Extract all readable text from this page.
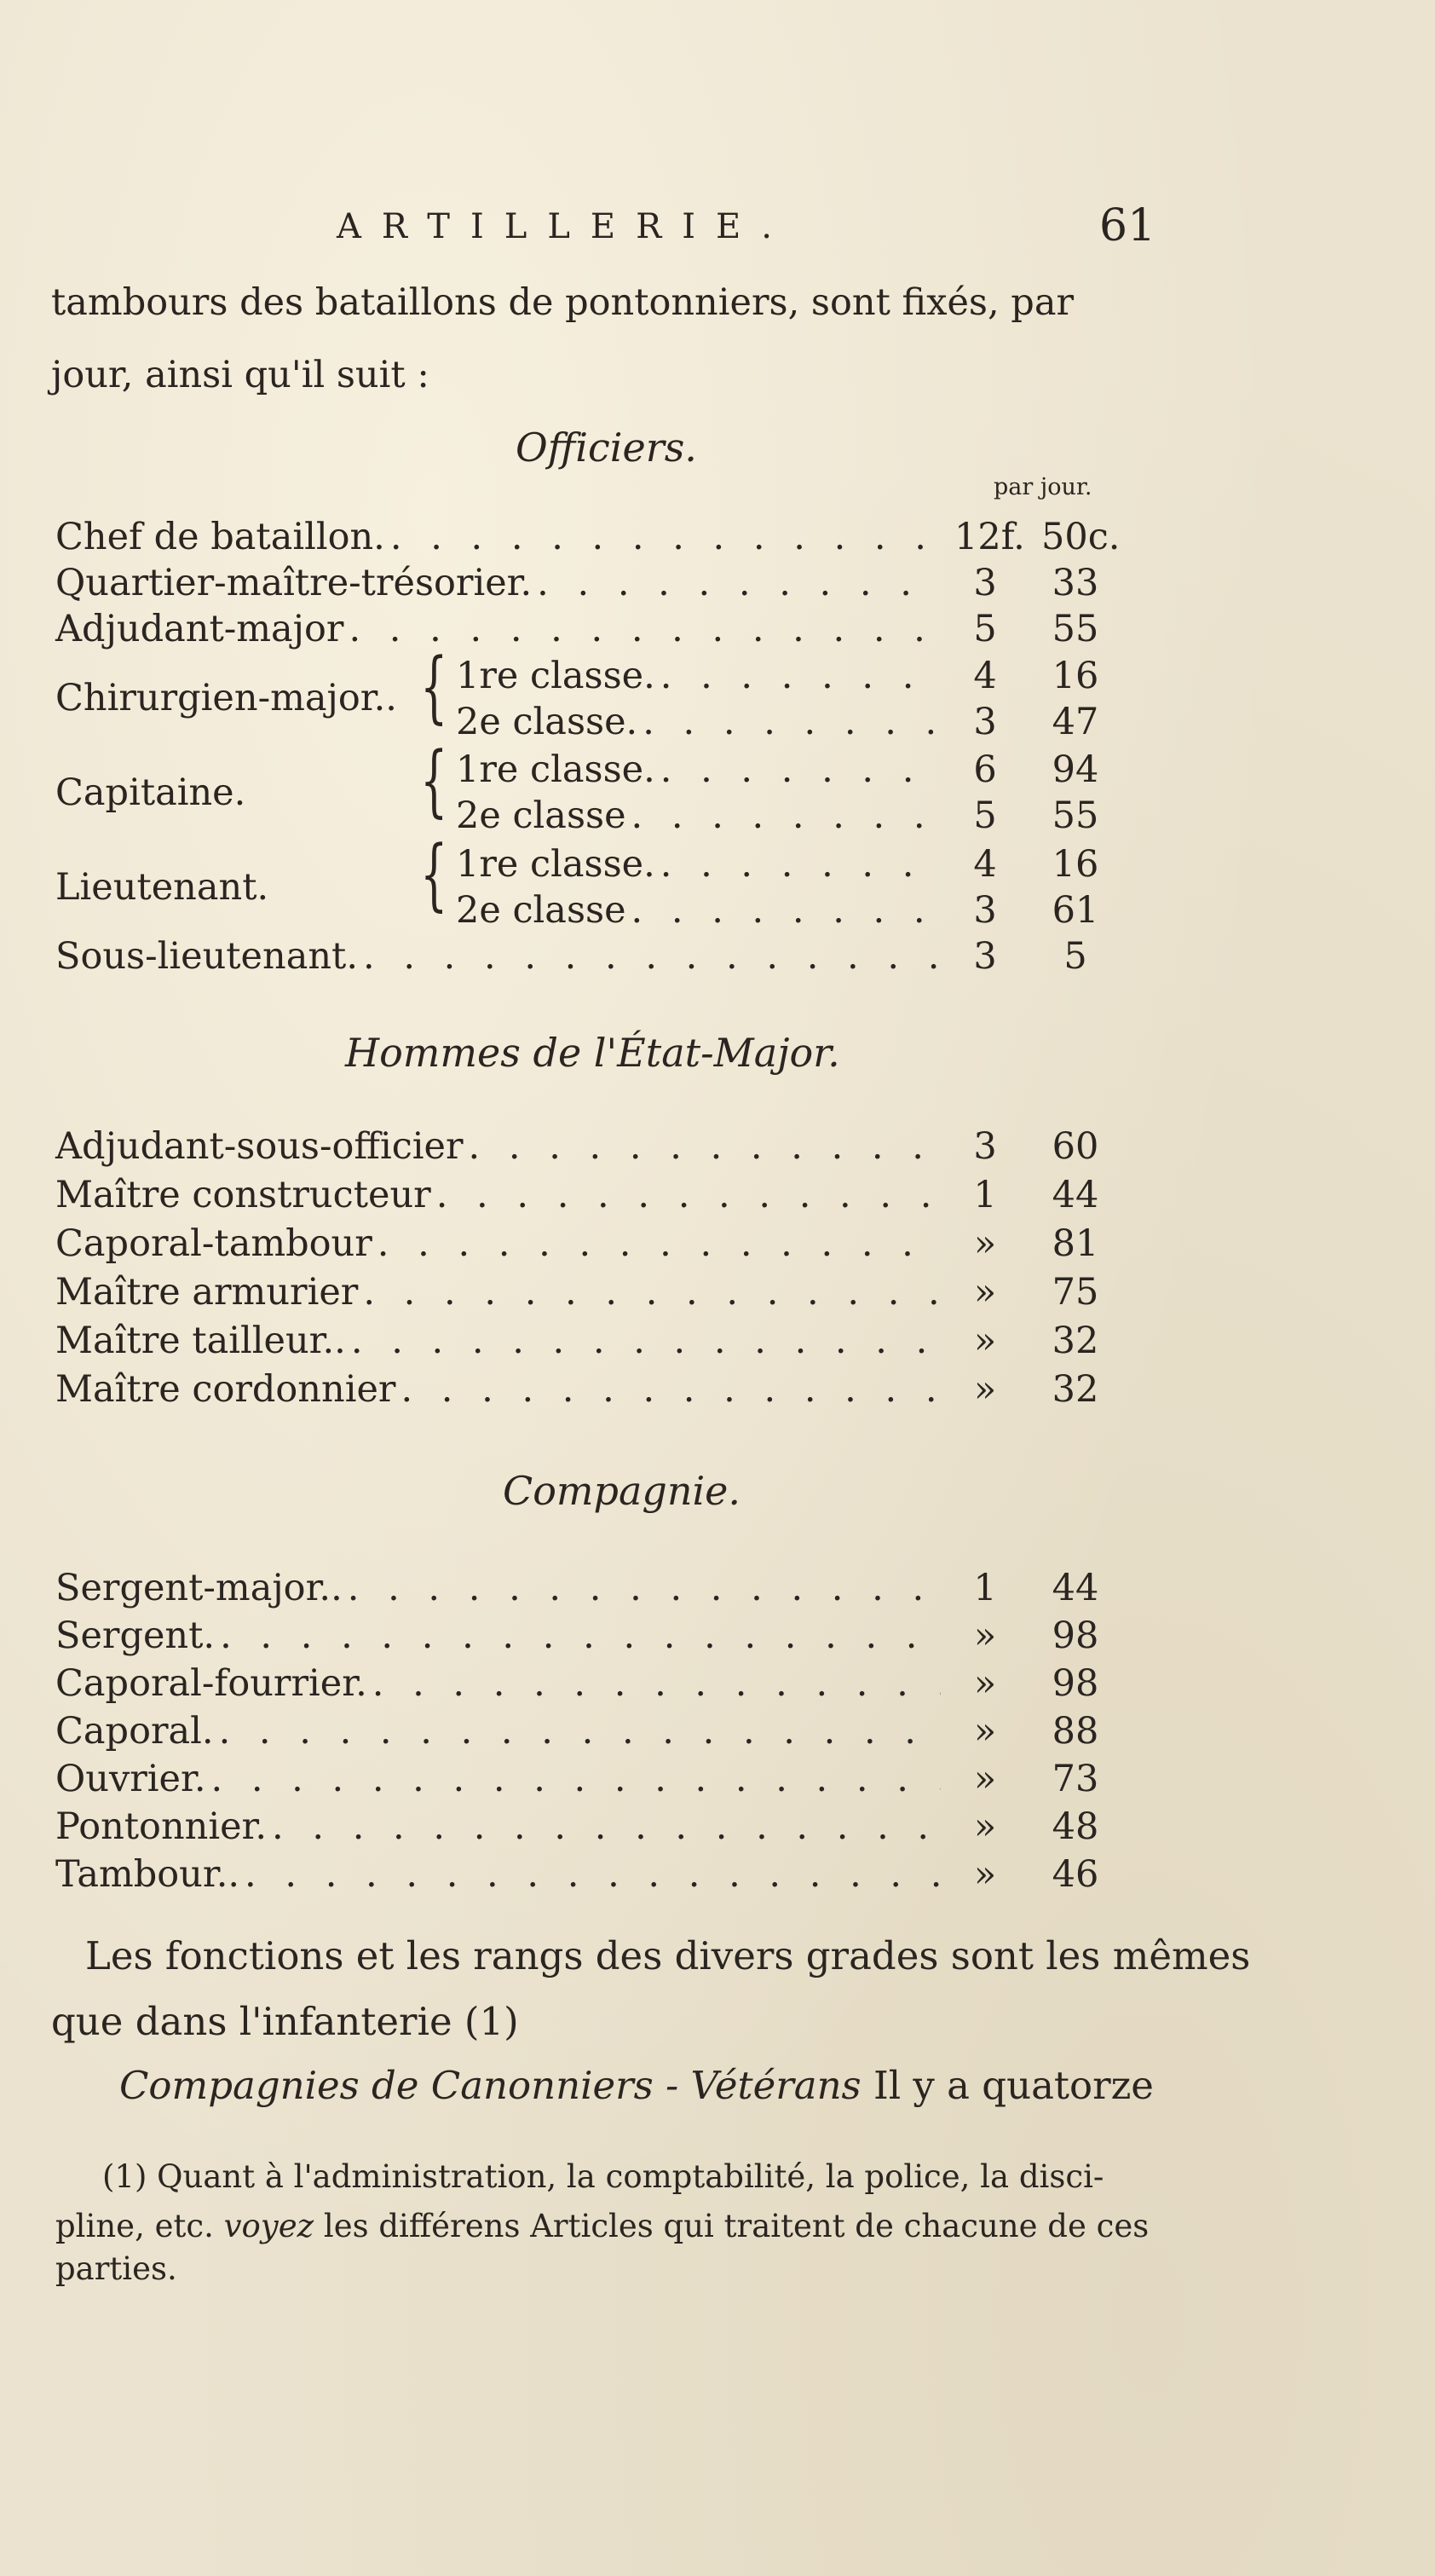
ARTILLERIE.	61
tambours des bataillons de pontonniers, sont fixés, par
jour, ainsi qu'il suit :
Officiers.
par jour.
Chef de bataillon. . . .	12f. 50c.
Quartier-maître-trésorier. . . .	3	33
Adjudant-major . . .	5	55
Chirurgien-major.. { 1re classe. . . .	4	16
2e classe. . . .	3	47
Capitaine. { 1re classe. . . .	6	94
2e classe . . .	5	55
Lieutenant. { 1re classe. . . .	4	16
2e classe . . .	3	61
Sous-lieutenant. . . .	3	5
Hommes de l'État-Major.
Adjudant-sous-officier . . .	3	60
Maître constructeur . . .	1	44
Caporal-tambour . . .	»	81
Maître armurier . . .	»	75
Maître tailleur.. . . .	»	32
Maître cordonnier . . .	»	32
Compagnie.
Sergent-major.. . . .	1	44
Sergent. . . .	»	98
Caporal-fourrier. . . .	»	98
Caporal. . . .	»	88
Ouvrier. . . .	»	73
Pontonnier. . . .	»	48
Tambour.. . . .	»	46
Les fonctions et les rangs des divers grades sont les mêmes
que dans l'infanterie (1)
Compagnies de Canonniers - Vétérans Il y a quatorze
(1) Quant à l'administration, la comptabilité, la police, la disci-
pline, etc. voyez les différens Articles qui traitent de chacune de ces
parties.
